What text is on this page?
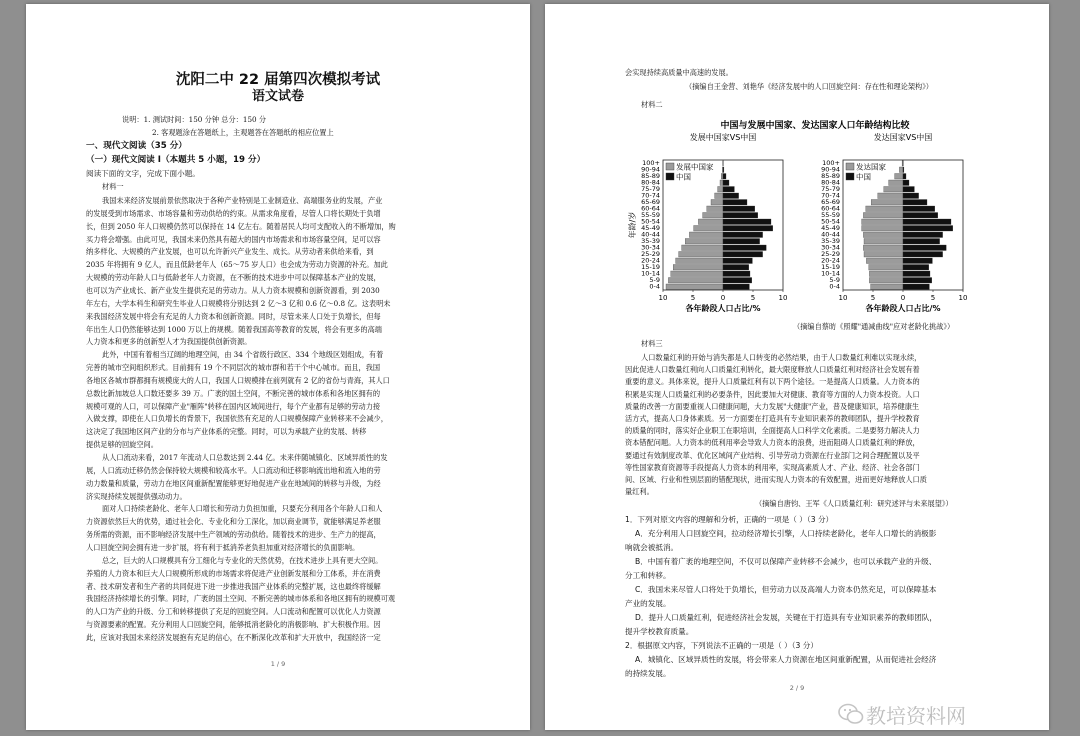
沈阳二中 22 届第四次模拟考试
语文试卷
说明：1. 测试时间：150 分钟 总分：150 分
2. 客观题涂在答题纸上，主观题答在答题纸的相应位置上
一、现代文阅读（35 分）
（一）现代文阅读 I（本题共 5 小题，19 分）
阅读下面的文字，完成下面小题。
材料一
我国未来经济发展前景依然取决于各种产业特别是工业制造业、高端服务业的发展，产业
的发展受到市场需求、市场容量和劳动供给的约束。从需求角度看，尽管人口将长期处于负增
长，但到 2050 年人口规模仍然可以保持在 14 亿左右。随着居民人均可支配收入的不断增加，购
买力将会增强。由此可见，我国未来仍然具有超大的国内市场需求和市场容量空间，足可以容
纳多样化、大规模的产业发展，也可以允许新兴产业发生、成长。从劳动者来供给来看，到
2035 年将拥有 9 亿人，而且低龄老年人（65～75 岁人口）也会成为劳动力资源的补充。加此
大规模的劳动年龄人口与低龄老年人力资源，在不断的技术进步中可以保障基本产业的发展，
也可以为产业成长、新产业发生提供充足的劳动力。从人力资本规模和创新资源看，到 2030
年左右，大学本科生和研究生毕业人口规模将分别达到 2 亿～3 亿和 0.6 亿～0.8 亿。这表明未
来我国经济发展中将会有充足的人力资本和创新资源。同时，尽管未来人口处于负增长，但每
年出生人口仍然能够达到 1000 万以上的规模。随着我国高等教育的发展，将会有更多的高端
人力资本和更多的创新型人才为我国提供创新资源。
此外，中国有着相当辽阔的地理空间，由 34 个省级行政区、334 个地级区划组成，有着
完善的城市空间组织形式。目前拥有 19 个不同层次的城市群和若干个中心城市。而且，我国
各地区各城市群都拥有规模庞大的人口，我国人口规模排在前列就有 2 亿的省份与青海，其人口
总数比新加坡总人口数还要多 39 万。广袤的国土空间，不断完善的城市体系和各地区拥有的
规模可观的人口，可以保障产业"雁阵"转移在国内区域间进行，每个产业都有足够的劳动力接
入做支撑，即使在人口负增长的背景下，我国依然有充足的人口规模保障产业转移来不会减少，
这决定了我国地区间产业的分布与产业体系的完整。同时，可以为承载产业的发展、转移
提供足够的回旋空间。
从人口流动来看，2017 年流动人口总数达到 2.44 亿。未来伴随城镇化、区域异质性的发
展，人口流动迁移仍然会保持较大规模和较高水平。人口流动和迁移影响流出地和流入地的劳
动力数量和质量，劳动力在地区间重新配置能够更好地促进产业在地域间的转移与升级，为经
济实现持续发展提供强动动力。
面对人口持续老龄化、老年人口增长和劳动力负担加重，只要充分利用各个年龄人口和人
力资源依然巨大的优势，通过社会化、专业化和分工深化，加以商业调节，就能够满足养老服
务所需的资源，而不影响经济发展中生产领域的劳动供给。随着技术的进步、生产力的提高，
人口回旋空间会拥有进一步扩展，将有利于抵消养老负担加重对经济增长的负面影响。
总之，巨大的人口规模具有分工细化与专业化的天然优势，在技术进步上具有更大空间。
养殖的人力资本和巨大人口规模所形成的市场需求将促进产业创新发展和分工体系，并在消费
者、技术研发者和生产者的共同促进下进一步推进我国产业体系的完整扩展，这也最终将缓解
我国经济持续增长的引擎。同时，广袤的国土空间、不断完善的城市体系和各地区拥有的规模可观
的人口为产业的升级、分工和转移提供了充足的回旋空间。人口流动和配置可以优化人力资源
与资源要素的配置。充分利用人口回旋空间，能够抵消老龄化的消极影响、扩大积极作用。因
此，应该对我国未来经济发展抱有充足的信心，在不断深化改革和扩大开放中，我国经济一定
1 / 9
会实现持续高质量中高速的发展。
（摘编自王金营、刘艳华《经济发展中的人口回旋空间：存在性和理论架构》）
材料二
中国与发展中国家、发达国家人口年龄结构比较
发展中国家VS中国
0-4
5-9
10-14
15-19
20-24
25-29
30-34
35-39
40-44
45-49
50-54
55-59
60-64
65-69
70-74
75-79
80-84
85-89
90-94
100+
10	5	0	5	10
各年龄段人口占比/%
年龄/岁
发展中国家
中国
发达国家VS中国
0-4
5-9
10-14
15-19
20-24
25-29
30-34
35-39
40-44
45-49
50-54
55-59
60-64
65-69
70-74
75-79
80-84
85-89
90-94
100+
10	5	0	5	10
各年龄段人口占比/%
发达国家
中国
（摘编自蔡昉《照耀"通减曲线"应对老龄化挑战》）
材料三
人口数量红利的开始与消失都是人口转变的必然结果，由于人口数量红利难以实现永续，
因此促进人口数量红利向人口质量红利转化，最大限度释放人口质量红利对经济社会发展有着
重要的意义。具体来说，提升人口质量红利有以下两个途径。一是提高人口质量。人力资本的
积累是实现人口质量红利的必要条件，因此要加大对健康、教育等方面的人力资本投资。人口
质量的改善一方面要重视人口健康问题，大力发展"大健康"产业，普及健康知识，培养健康生
活方式，提高人口身体素质。另一方面要在打造具有专业知识素养的教师团队，提升学校教育
的质量的同时，落实好企业职工在职培训，全面提高人口科学文化素质。二是要努力解决人力
资本错配问题。人力资本的低利用率会导致人力资本的浪费，进而阻碍人口质量红利的释放，
要通过有效制度改革、优化区域间产业结构、引导劳动力资源在行业部门之间合理配置以及平
等性国家教育资源等手段提高人力资本的利用率，实现高素质人才、产业、经济、社会各部门
间、区域、行业和性别层面的错配现状，进而实现人力资本的有效配置，进而更好地释放人口质
量红利。
（摘编自唐钧、王军《人口质量红利：研究述评与未来展望》）
1．下列对原文内容的理解和分析，正确的一项是（ ）（3 分）
A．充分利用人口回旋空间，拉动经济增长引擎，人口持续老龄化，老年人口增长的消极影
响就会被抵消。
B．中国有着广袤的地理空间，不仅可以保障产业转移不会减少，也可以承载产业的升级、
分工和转移。
C．我国未来尽管人口将处于负增长，但劳动力以及高端人力资本仍然充足，可以保障基本
产业的发展。
D．提升人口质量红利，促进经济社会发展，关键在于打造具有专业知识素养的教师团队，
提升学校教育质量。
2．根据原文内容，下列说法不正确的一项是（ ）（3 分）
A．城镇化、区域异质性的发展，将会带来人力资源在地区间重新配置，从而促进社会经济
的持续发展。
2 / 9
教培资料网
